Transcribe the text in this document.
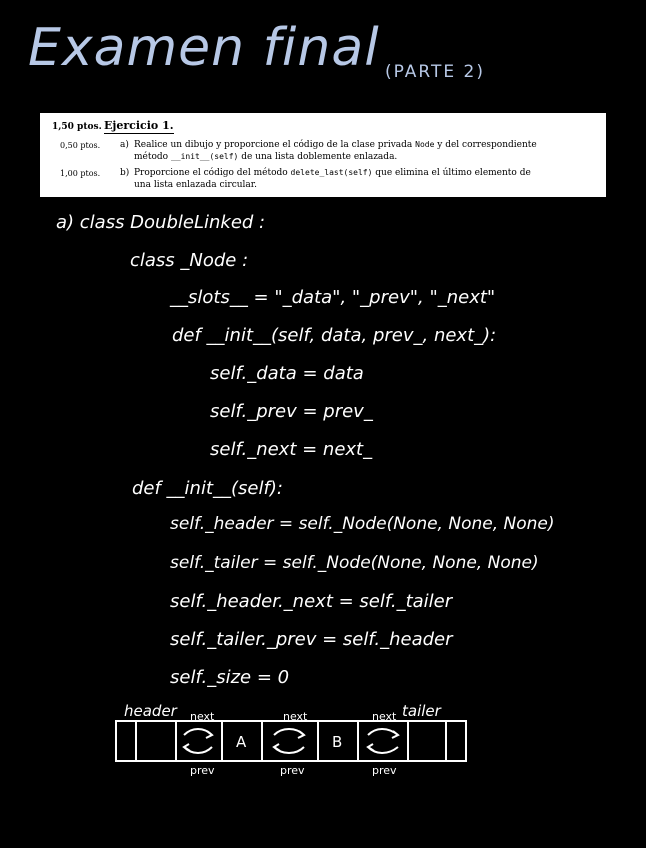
Examen final (PARTE 2)
1,50 ptos. Ejercicio 1.
0,50 ptos. a) Realice un dibujo y proporcione el código de la clase privada Node y del correspondiente
método __init__(self) de una lista doblemente enlazada.
1,00 ptos. b) Proporcione el código del método delete_last(self) que elimina el último elemento de
una lista enlazada circular.
a) class DoubleLinked :
class _Node :
__slots__ = "_data", "_prev", "_next"
def __init__(self, data, prev_, next_):
self._data = data
self._prev = prev_
self._next = next_
def __init__(self):
self._header = self._Node(None, None, None)
self._tailer = self._Node(None, None, None)
self._header._next = self._tailer
self._tailer._prev = self._header
self._size = 0
header	tailer
next	next	next
prev	prev	prev
A	B
